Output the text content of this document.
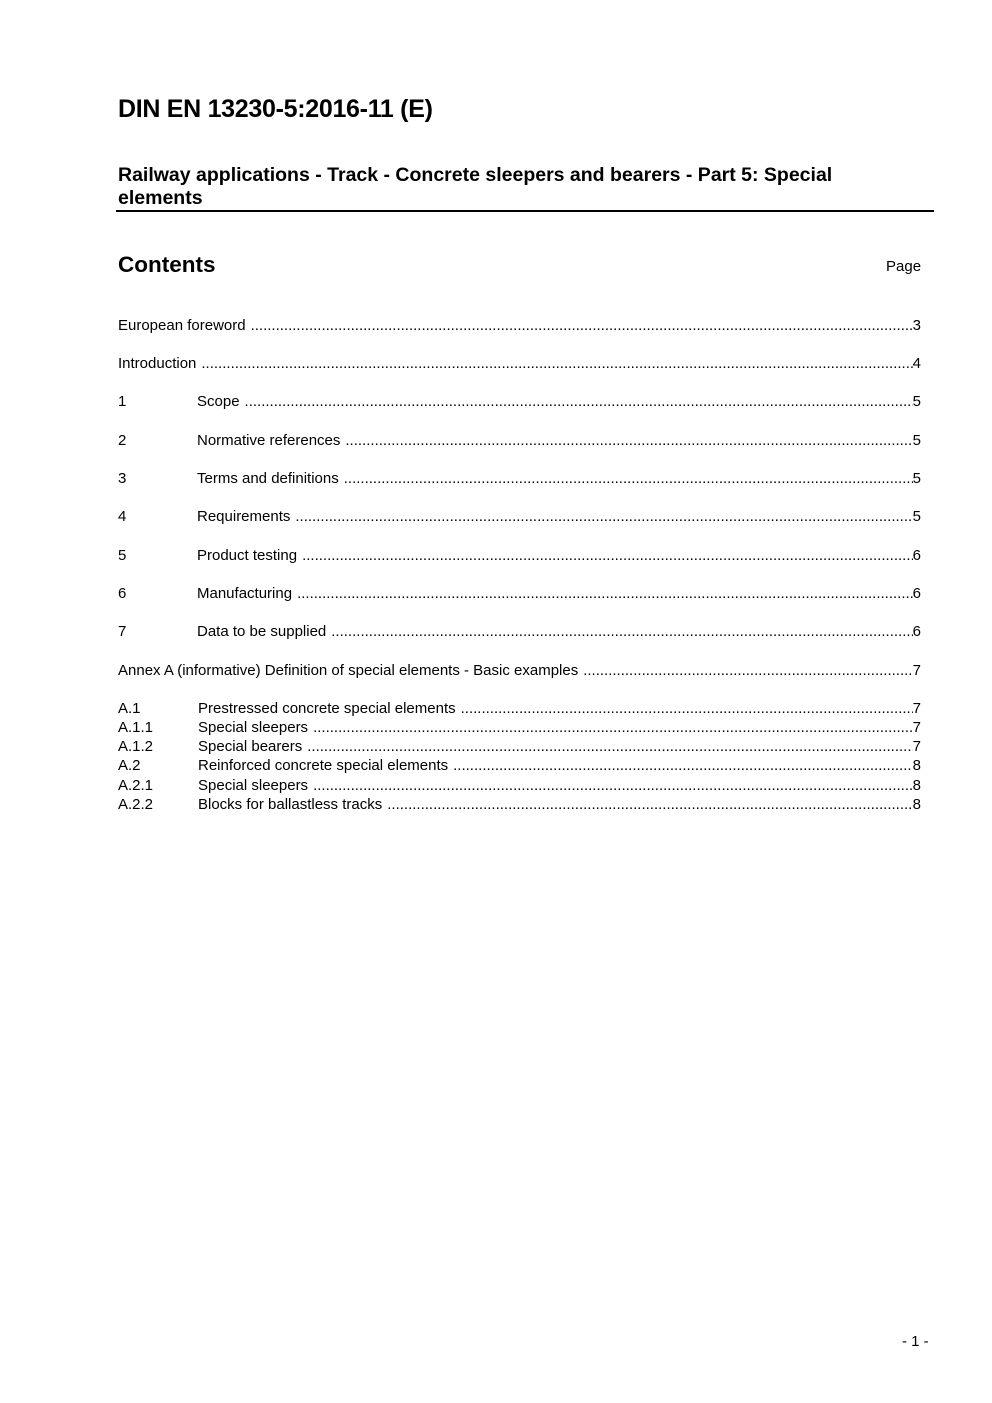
DIN EN 13230-5:2016-11 (E)
Railway applications - Track - Concrete sleepers and bearers - Part 5: Special elements
Contents	Page
European foreword .....	3
Introduction .....	4
1	Scope .....	5
2	Normative references .....	5
3	Terms and definitions .....	5
4	Requirements .....	5
5	Product testing .....	6
6	Manufacturing .....	6
7	Data to be supplied .....	6
Annex A (informative) Definition of special elements - Basic examples .....	7
A.1	Prestressed concrete special elements .....	7
A.1.1	Special sleepers .....	7
A.1.2	Special bearers .....	7
A.2	Reinforced concrete special elements .....	8
A.2.1	Special sleepers .....	8
A.2.2	Blocks for ballastless tracks .....	8
- 1 -
